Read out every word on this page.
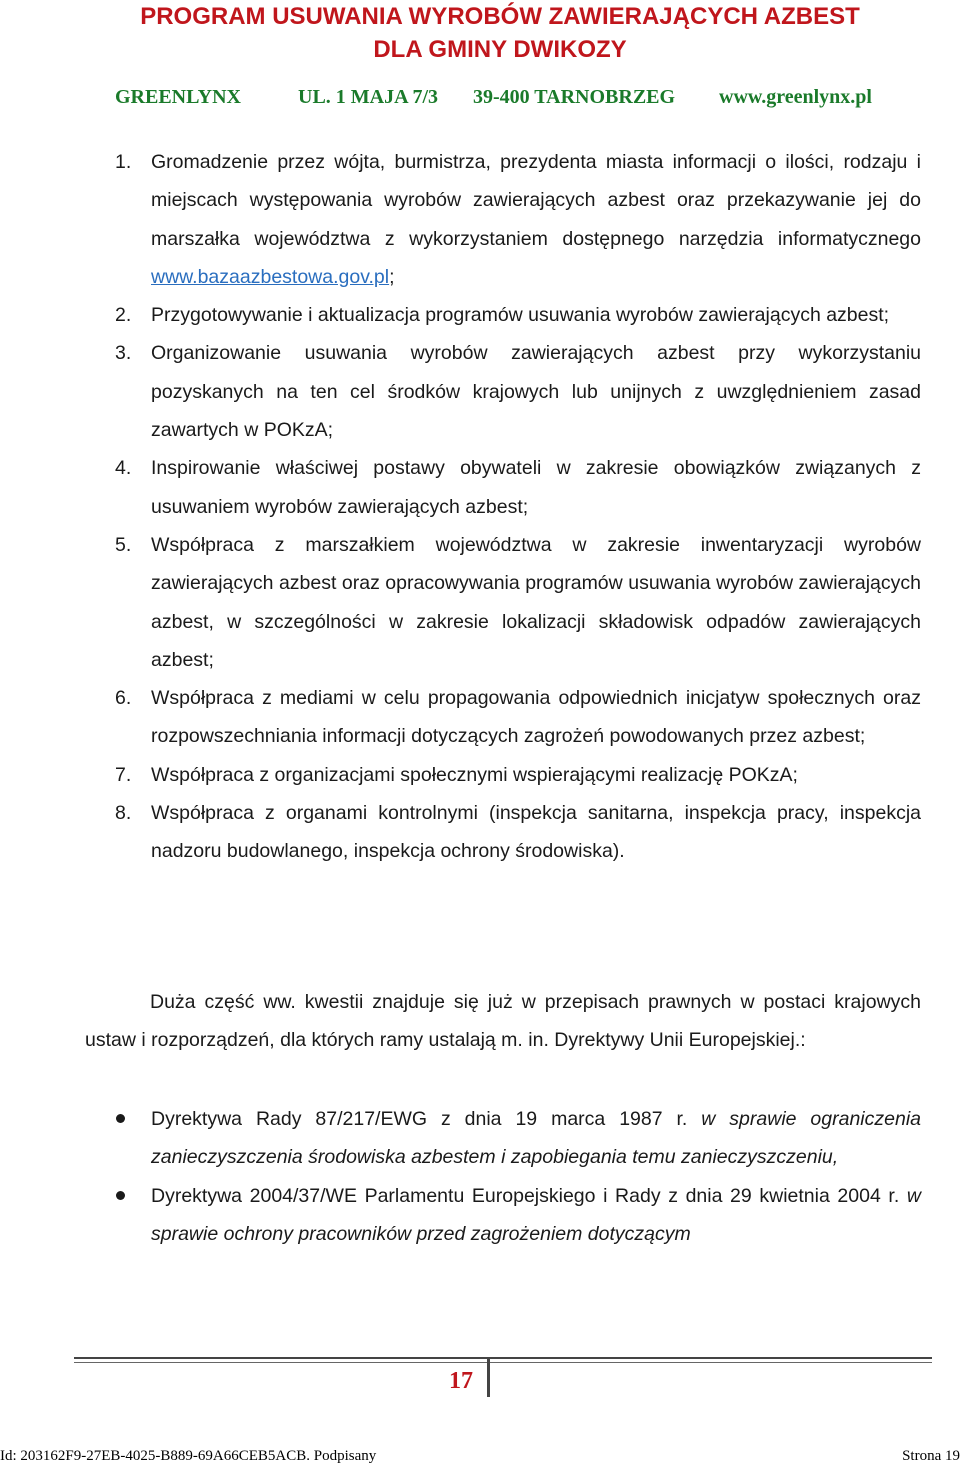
PROGRAM USUWANIA WYROBÓW ZAWIERAJĄCYCH AZBEST
DLA GMINY DWIKOZY
GREENLYNX	UL. 1 MAJA 7/3 39-400 TARNOBRZEG www.greenlynx.pl
1. Gromadzenie przez wójta, burmistrza, prezydenta miasta informacji o ilości, rodzaju i miejscach występowania wyrobów zawierających azbest oraz przekazywanie jej do marszałka województwa z wykorzystaniem dostępnego narzędzia informatycznego www.bazaazbestowa.gov.pl;
2. Przygotowywanie i aktualizacja programów usuwania wyrobów zawierających azbest;
3. Organizowanie usuwania wyrobów zawierających azbest przy wykorzystaniu pozyskanych na ten cel środków krajowych lub unijnych z uwzględnieniem zasad zawartych w POKzA;
4. Inspirowanie właściwej postawy obywateli w zakresie obowiązków związanych z usuwaniem wyrobów zawierających azbest;
5. Współpraca z marszałkiem województwa w zakresie inwentaryzacji wyrobów zawierających azbest oraz opracowywania programów usuwania wyrobów zawierających azbest, w szczególności w zakresie lokalizacji składowisk odpadów zawierających azbest;
6. Współpraca z mediami w celu propagowania odpowiednich inicjatyw społecznych oraz rozpowszechniania informacji dotyczących zagrożeń powodowanych przez azbest;
7. Współpraca z organizacjami społecznymi wspierającymi realizację POKzA;
8. Współpraca z organami kontrolnymi (inspekcja sanitarna, inspekcja pracy, inspekcja nadzoru budowlanego, inspekcja ochrony środowiska).

Duża część ww. kwestii znajduje się już w przepisach prawnych w postaci krajowych ustaw i rozporządzeń, dla których ramy ustalają m. in. Dyrektywy Unii Europejskiej.:

Dyrektywa Rady 87/217/EWG z dnia 19 marca 1987 r. w sprawie ograniczenia zanieczyszczenia środowiska azbestem i zapobiegania temu zanieczyszczeniu,
Dyrektywa 2004/37/WE Parlamentu Europejskiego i Rady z dnia 29 kwietnia 2004 r. w sprawie ochrony pracowników przed zagrożeniem dotyczącym
17
Id: 203162F9-27EB-4025-B889-69A66CEB5ACB. Podpisany	Strona 19
